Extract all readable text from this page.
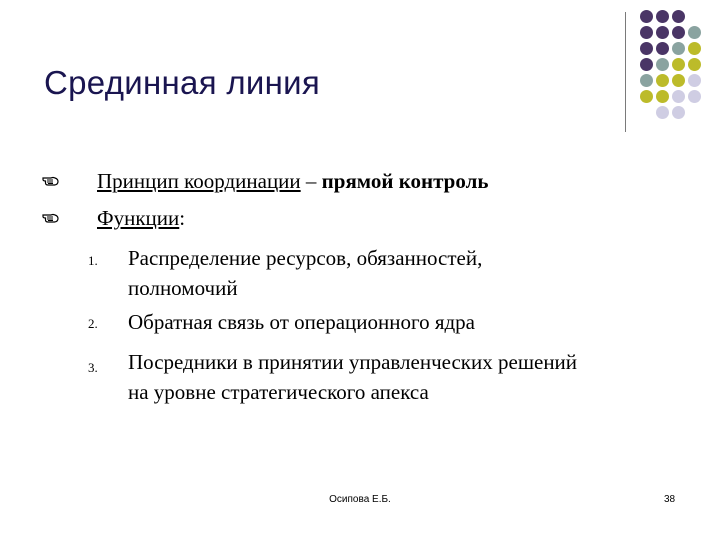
Срединная линия
Принцип координации – прямой контроль
Функции:
1. Распределение ресурсов, обязанностей,
полномочий
2. Обратная связь от операционного ядра
3. Посредники в принятии управленческих решений
на уровне стратегического апекса
Осипова Е.Б.	38
